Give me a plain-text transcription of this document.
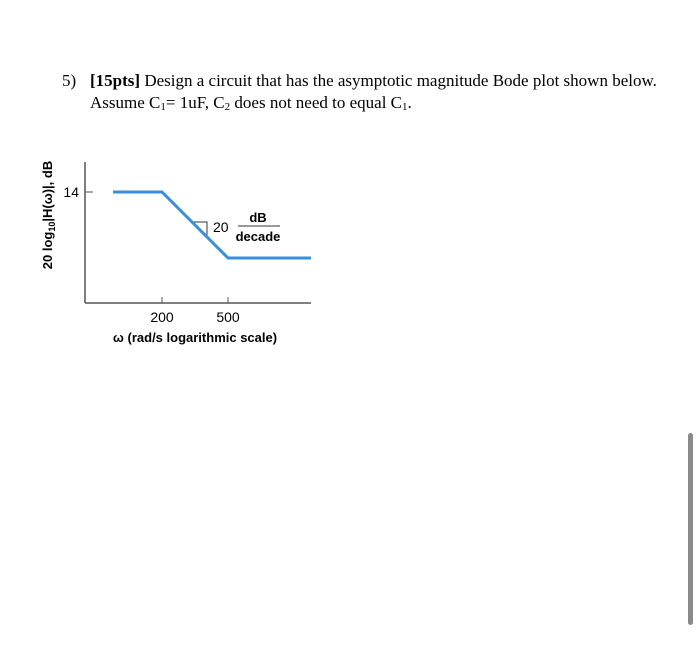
5) [15pts] Design a circuit that has the asymptotic magnitude Bode plot shown below.
Assume $C_1= 1uF$, $C_2$ does not need to equal $C_1$.
20 $\log_{10}|H(\omega)|$, dB
ω (rad/s logarithmic scale)
20
dB
decade
200	500
14
